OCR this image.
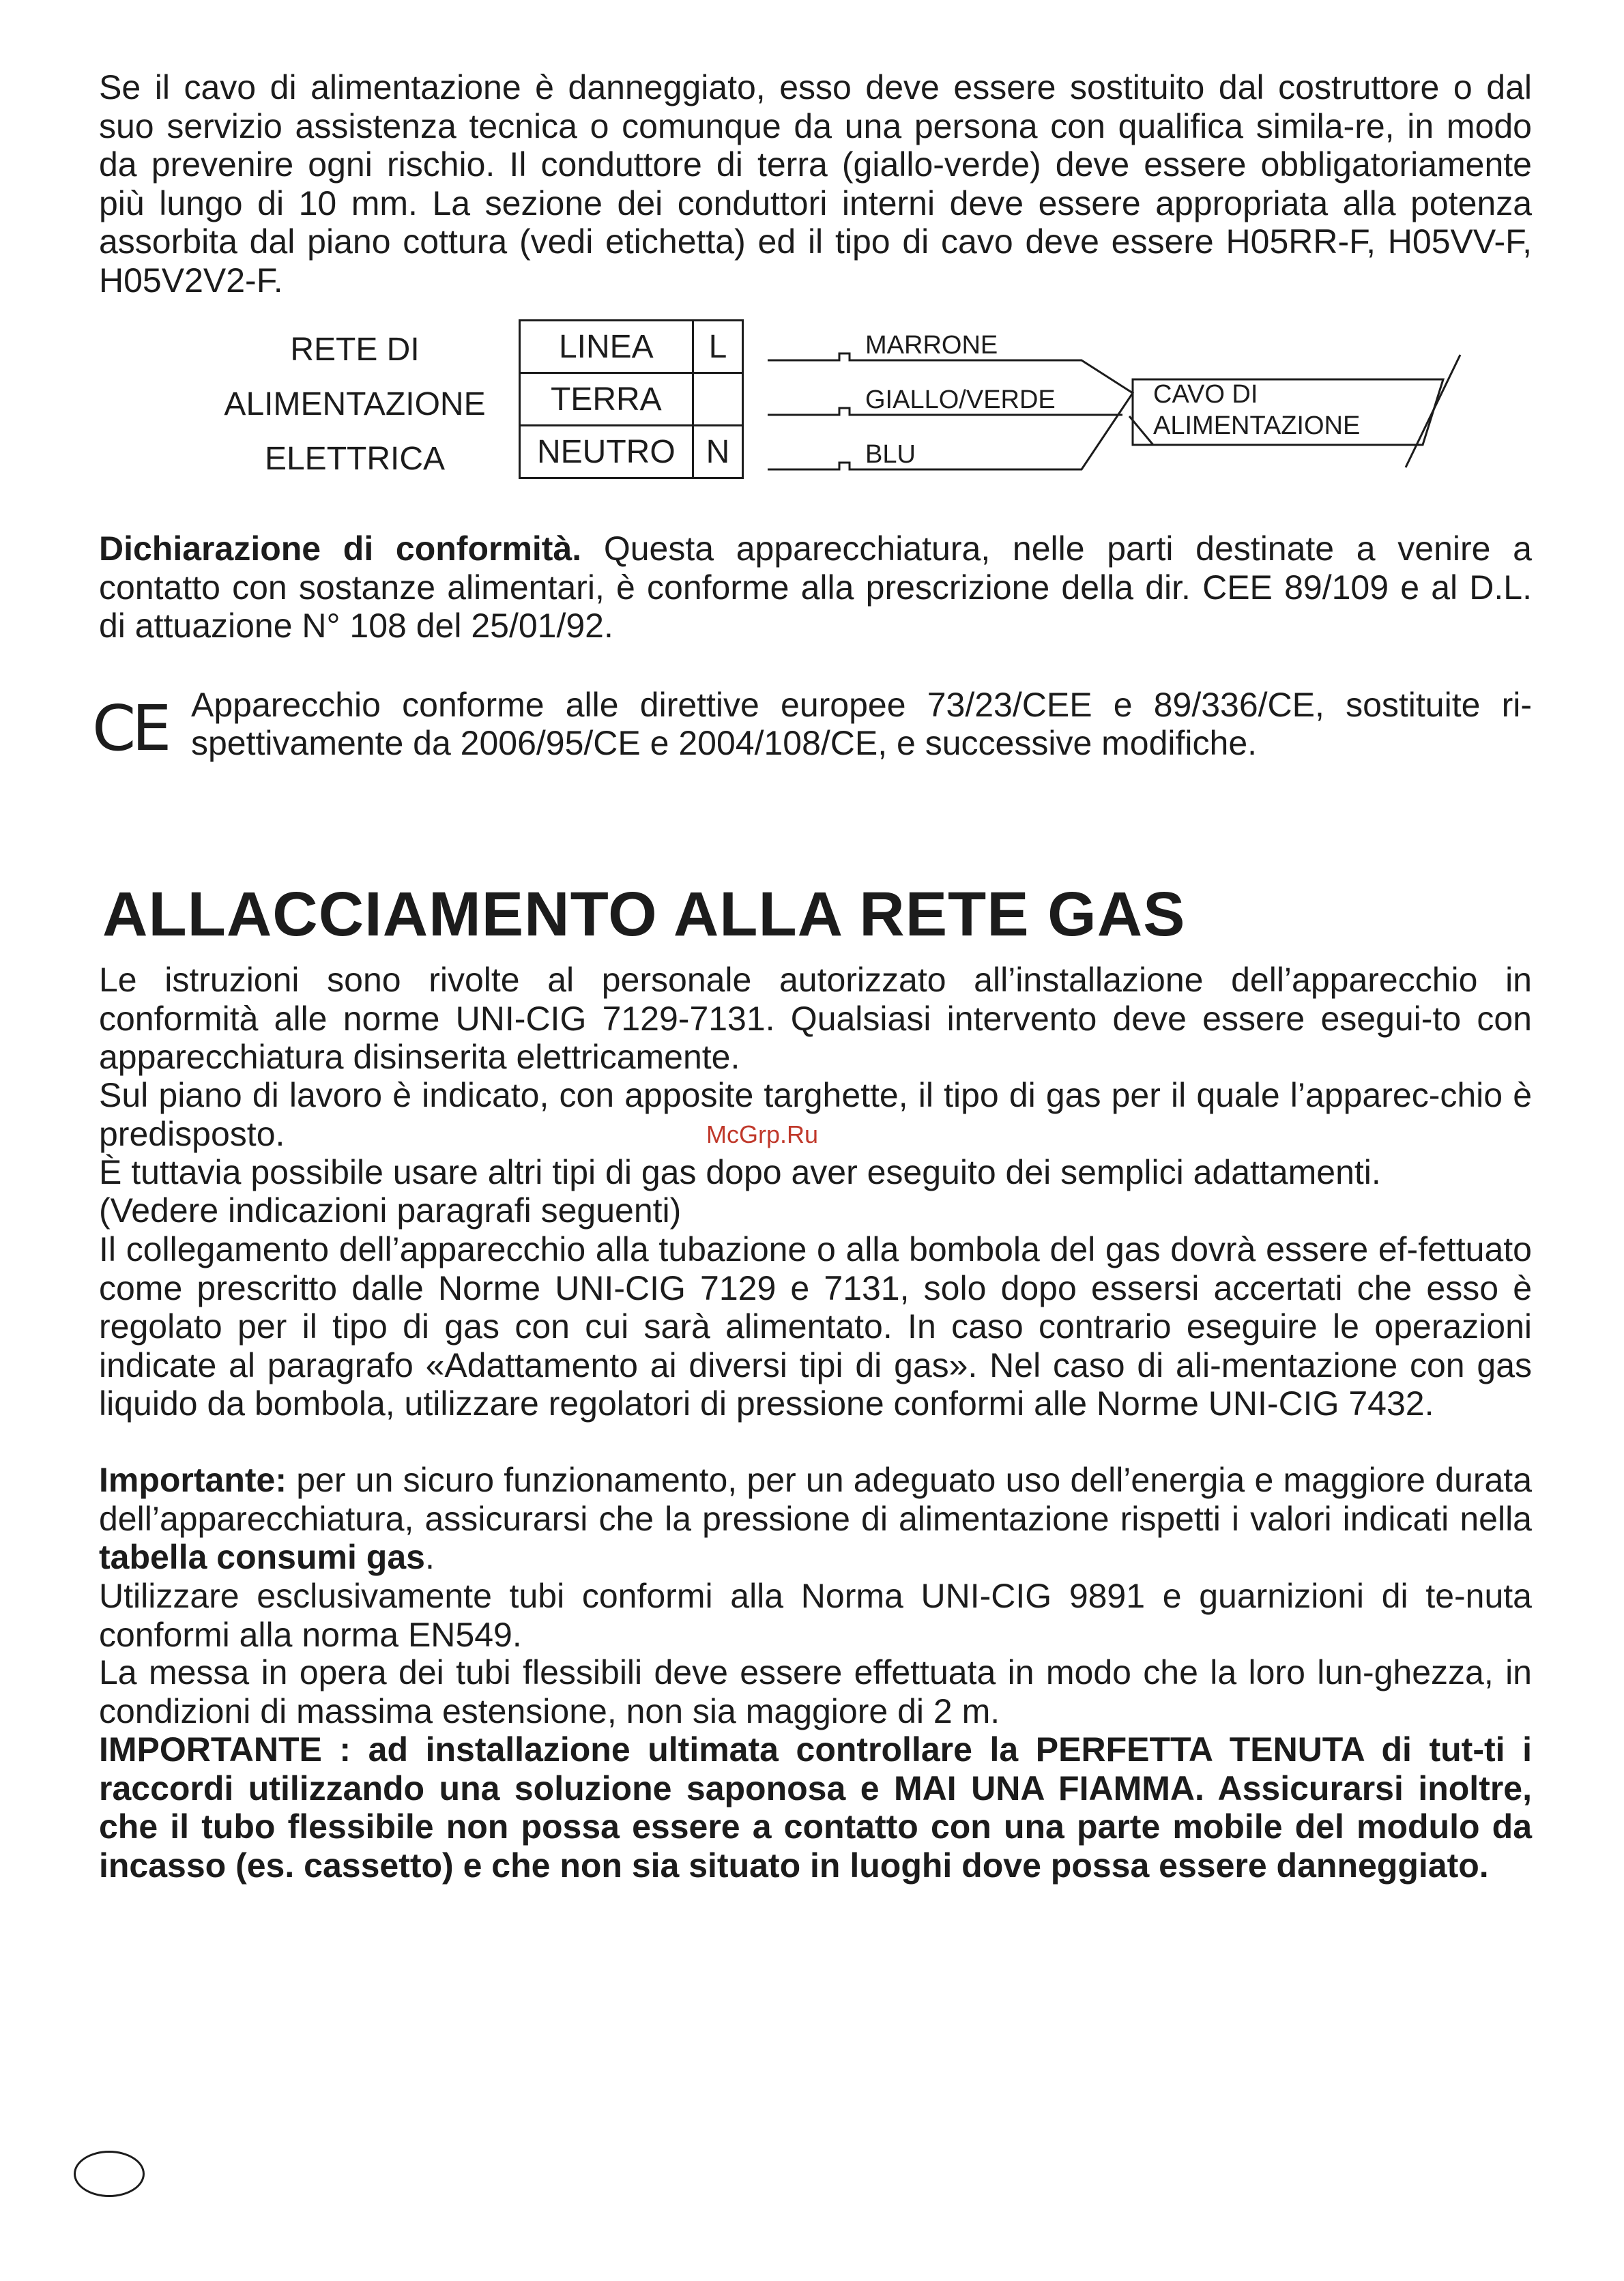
Se il cavo di alimentazione è danneggiato, esso deve essere sostituito dal costruttore o dal suo servizio assistenza tecnica o comunque da una persona con qualifica simila-re, in modo da prevenire ogni rischio. Il conduttore di terra (giallo-verde) deve essere obbligatoriamente più lungo di 10 mm. La sezione dei conduttori interni deve essere appropriata alla potenza assorbita dal piano cottura (vedi etichetta) ed il tipo di cavo deve essere H05RR-F, H05VV-F, H05V2V2-F.

RETE DI
ALIMENTAZIONE
ELETTRICA
LINEA	L
TERRA	
NEUTRO	N
MARRONE
GIALLO/VERDE
BLU
CAVO DI
ALIMENTAZIONE

Dichiarazione di conformità. Questa apparecchiatura, nelle parti destinate a venire a contatto con sostanze alimentari, è conforme alla prescrizione della dir. CEE 89/109 e al D.L. di attuazione N° 108 del 25/01/92.

CE Apparecchio conforme alle direttive europee 73/23/CEE e 89/336/CE, sostituite ri-spettivamente da 2006/95/CE e 2004/108/CE, e successive modifiche.

ALLACCIAMENTO ALLA RETE GAS

Le istruzioni sono rivolte al personale autorizzato all’installazione dell’apparecchio in conformità alle norme UNI-CIG 7129-7131. Qualsiasi intervento deve essere esegui-to con apparecchiatura disinserita elettricamente.

Sul piano di lavoro è indicato, con apposite targhette, il tipo di gas per il quale l’apparec-chio è predisposto.

È tuttavia possibile usare altri tipi di gas dopo aver eseguito dei semplici adattamenti.

(Vedere indicazioni paragrafi seguenti)

Il collegamento dell’apparecchio alla tubazione o alla bombola del gas dovrà essere ef-fettuato come prescritto dalle Norme UNI-CIG 7129 e 7131, solo dopo essersi accertati che esso è regolato per il tipo di gas con cui sarà alimentato. In caso contrario eseguire le operazioni indicate al paragrafo «Adattamento ai diversi tipi di gas». Nel caso di ali-mentazione con gas liquido da bombola, utilizzare regolatori di pressione conformi alle Norme UNI-CIG 7432.

Importante: per un sicuro funzionamento, per un adeguato uso dell’energia e maggiore durata dell’apparecchiatura, assicurarsi che la pressione di alimentazione rispetti i valori indicati nella tabella consumi gas.

Utilizzare esclusivamente tubi conformi alla Norma UNI-CIG 9891 e guarnizioni di te-nuta conformi alla norma EN549.

La messa in opera dei tubi flessibili deve essere effettuata in modo che la loro lun-ghezza, in condizioni di massima estensione, non sia maggiore di 2 m.

IMPORTANTE : ad installazione ultimata controllare la PERFETTA TENUTA di tut-ti i raccordi utilizzando una soluzione saponosa e MAI UNA FIAMMA. Assicurarsi inoltre, che il tubo flessibile non possa essere a contatto con una parte mobile del modulo da incasso (es. cassetto) e che non sia situato in luoghi dove possa essere danneggiato.

McGrp.Ru
